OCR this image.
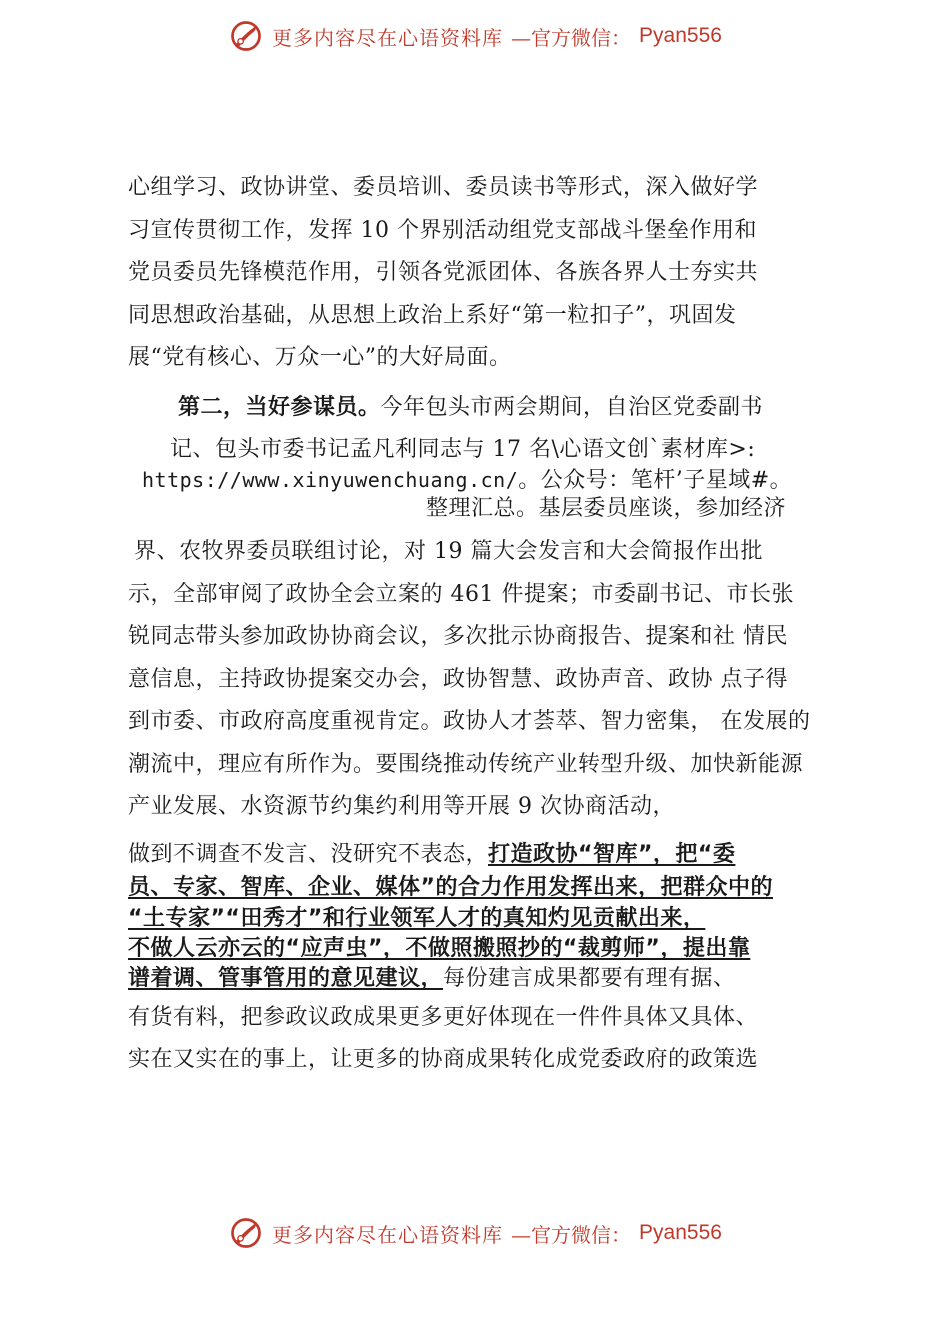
更多内容尽在心语资料库 —官方微信： Pyan556
心组学习、政协讲堂、委员培训、委员读书等形式，深入做好学
习宣传贯彻工作，发挥 10 个界别活动组党支部战斗堡垒作用和
党员委员先锋模范作用，引领各党派团体、各族各界人士夯实共
同思想政治基础，从思想上政治上系好“第一粒扣子”，巩固发
展“党有核心、万众一心”的大好局面。
第二，当好参谋员。今年包头市两会期间，自治区党委副书
记、包头市委书记孟凡利同志与 17 名\心语文创`素材库>:
https://www.xinyuwenchuang.cn/。公众号：笔杆’子星域#。
整理汇总。基层委员座谈，参加经济
界、农牧界委员联组讨论，对 19 篇大会发言和大会简报作出批
示，全部审阅了政协全会立案的 461 件提案；市委副书记、市长张
锐同志带头参加政协协商会议，多次批示协商报告、提案和社 情民
意信息，主持政协提案交办会，政协智慧、政协声音、政协 点子得
到市委、市政府高度重视肯定。政协人才荟萃、智力密集， 在发展的
潮流中，理应有所作为。要围绕推动传统产业转型升级、加快新能源
产业发展、水资源节约集约利用等开展 9 次协商活动，
做到不调查不发言、没研究不表态，打造政协“智库”，把“委
员、专家、智库、企业、媒体”的合力作用发挥出来，把群众中的
“土专家”“田秀才”和行业领军人才的真知灼见贡献出来，
不做人云亦云的“应声虫”，不做照搬照抄的“裁剪师”，提出靠
谱着调、管事管用的意见建议，每份建言成果都要有理有据、
有货有料，把参政议政成果更多更好体现在一件件具体又具体、
实在又实在的事上，让更多的协商成果转化成党委政府的政策选
更多内容尽在心语资料库 —官方微信： Pyan556
